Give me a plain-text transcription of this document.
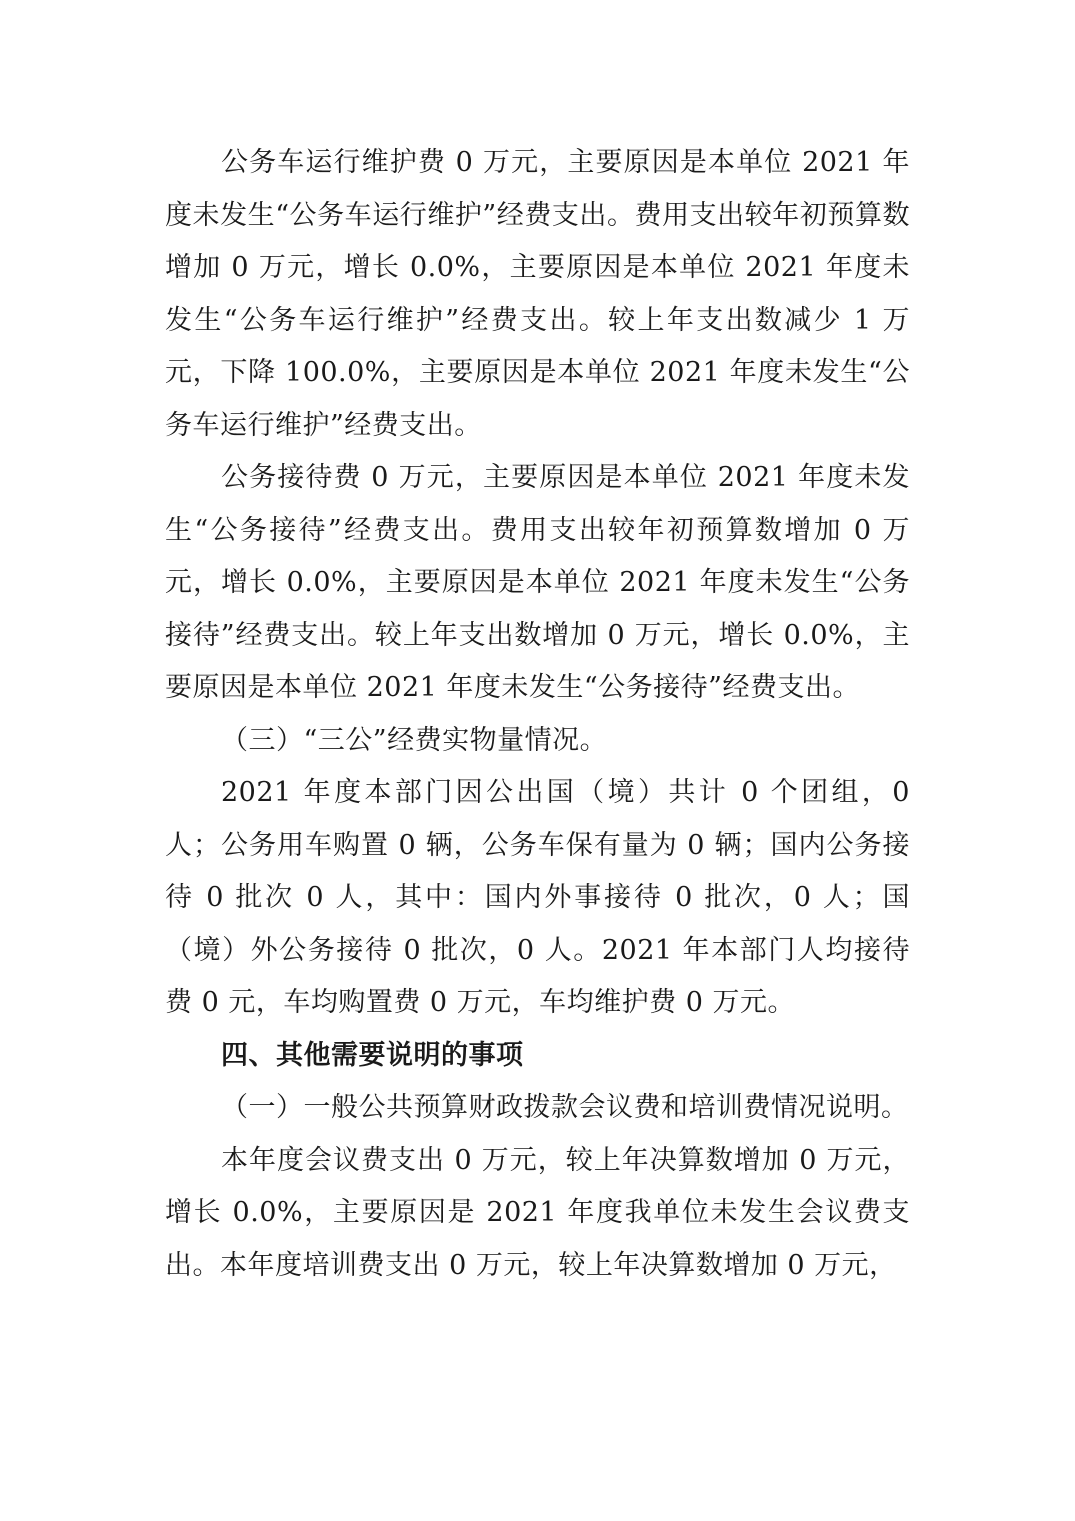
公务车运行维护费 0 万元，主要原因是本单位 2021 年度未发生“公务车运行维护”经费支出。费用支出较年初预算数增加 0 万元，增长 0.0%，主要原因是本单位 2021 年度未发生“公务车运行维护”经费支出。较上年支出数减少 1 万元，下降 100.0%，主要原因是本单位 2021 年度未发生“公务车运行维护”经费支出。

公务接待费 0 万元，主要原因是本单位 2021 年度未发生“公务接待”经费支出。费用支出较年初预算数增加 0 万元，增长 0.0%，主要原因是本单位 2021 年度未发生“公务接待”经费支出。较上年支出数增加 0 万元，增长 0.0%，主要原因是本单位 2021 年度未发生“公务接待”经费支出。

（三）“三公”经费实物量情况。

2021 年度本部门因公出国（境）共计 0 个团组，0 人；公务用车购置 0 辆，公务车保有量为 0 辆；国内公务接待 0 批次 0 人，其中：国内外事接待 0 批次，0 人；国（境）外公务接待 0 批次，0 人。2021 年本部门人均接待费 0 元，车均购置费 0 万元，车均维护费 0 万元。

四、其他需要说明的事项

（一）一般公共预算财政拨款会议费和培训费情况说明。

本年度会议费支出 0 万元，较上年决算数增加 0 万元，增长 0.0%，主要原因是 2021 年度我单位未发生会议费支出。本年度培训费支出 0 万元，较上年决算数增加 0 万元，
